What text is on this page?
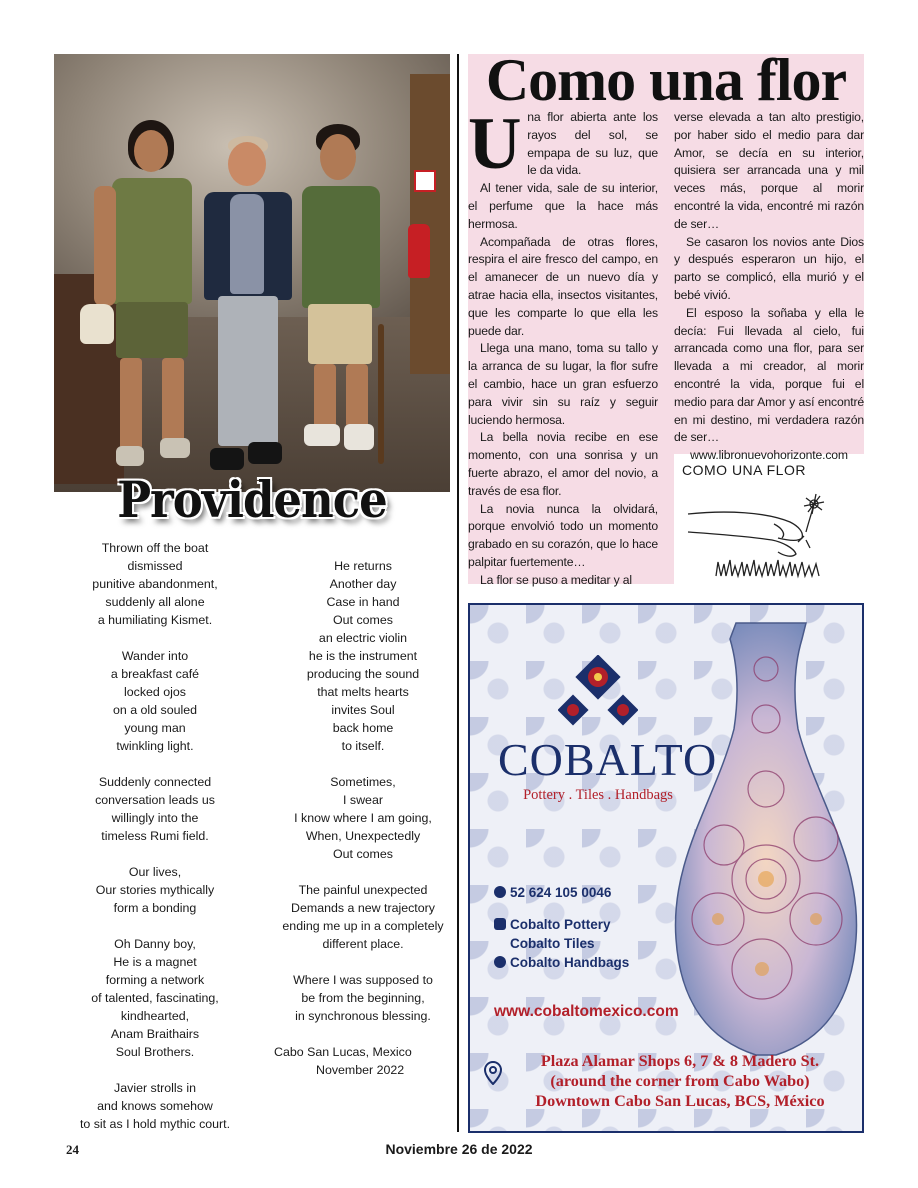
Providence
Thrown off the boat
dismissed
punitive abandonment,
suddenly all alone
a humiliating Kismet.
Wander into
a breakfast café
locked ojos
on a old souled
young man
twinkling light.
Suddenly connected
conversation leads us
willingly into the
timeless Rumi field.
Our lives,
Our stories mythically
form a bonding
Oh Danny boy,
He is a magnet
forming a network
of talented, fascinating,
kindhearted,
Anam Braithairs
Soul Brothers.
Javier strolls in
and knows somehow
to sit as I hold mythic court.
He returns
Another day
Case in hand
Out comes
an electric violin
he is the instrument
producing the sound
that melts hearts
invites Soul
back home
to itself.
Sometimes,
I swear
I know where I am going,
When, Unexpectedly
Out comes
The painful unexpected
Demands a new trajectory
ending me up in a completely
different place.
Where I was supposed to
be from the beginning,
in synchronous blessing.
Cabo San Lucas, Mexico
November 2022
Como una flor

Una flor abierta ante los rayos del sol, se empapa de su luz, que le da vida.

Al tener vida, sale de su interior, el perfume que la hace más hermosa.

Acompañada de otras flores, respira el aire fresco del campo, en el amanecer de un nuevo día y atrae hacia ella, insectos visitantes, que les comparte lo que ella les puede dar.

Llega una mano, toma su tallo y la arranca de su lugar, la flor sufre el cambio, hace un gran esfuerzo para vivir sin su raíz y seguir luciendo hermosa.

La bella novia recibe en ese momento, con una sonrisa y un fuerte abrazo, el amor del novio, a través de esa flor.

La novia nunca la olvidará, porque envolvió todo un momento grabado en su corazón, que lo hace palpitar fuertemente…

La flor se puso a meditar y al

verse elevada a tan alto prestigio, por haber sido el medio para dar Amor, se decía en su interior, quisiera ser arrancada una y mil veces más, porque al morir encontré la vida, encontré mi razón de ser…

Se casaron los novios ante Dios y después esperaron un hijo, el parto se complicó, ella murió y el bebé vivió.

El esposo la soñaba y ella le decía: Fui llevada al cielo, fui arrancada como una flor, para ser llevada a mi creador, al morir encontré la vida, porque fui el medio para dar Amor y así encontré en mi destino, mi verdadera razón de ser…

www.libronuevohorizonte.com
COMO UNA FLOR
COBALTO
Pottery . Tiles . Handbags
52 624 105 0046
Cobalto Pottery
Cobalto Tiles
Cobalto Handbags
www.cobaltomexico.com
Plaza Alamar Shops 6, 7 & 8 Madero St.
(around the corner from Cabo Wabo)
Downtown Cabo San Lucas, BCS, México
24	Noviembre 26 de 2022
